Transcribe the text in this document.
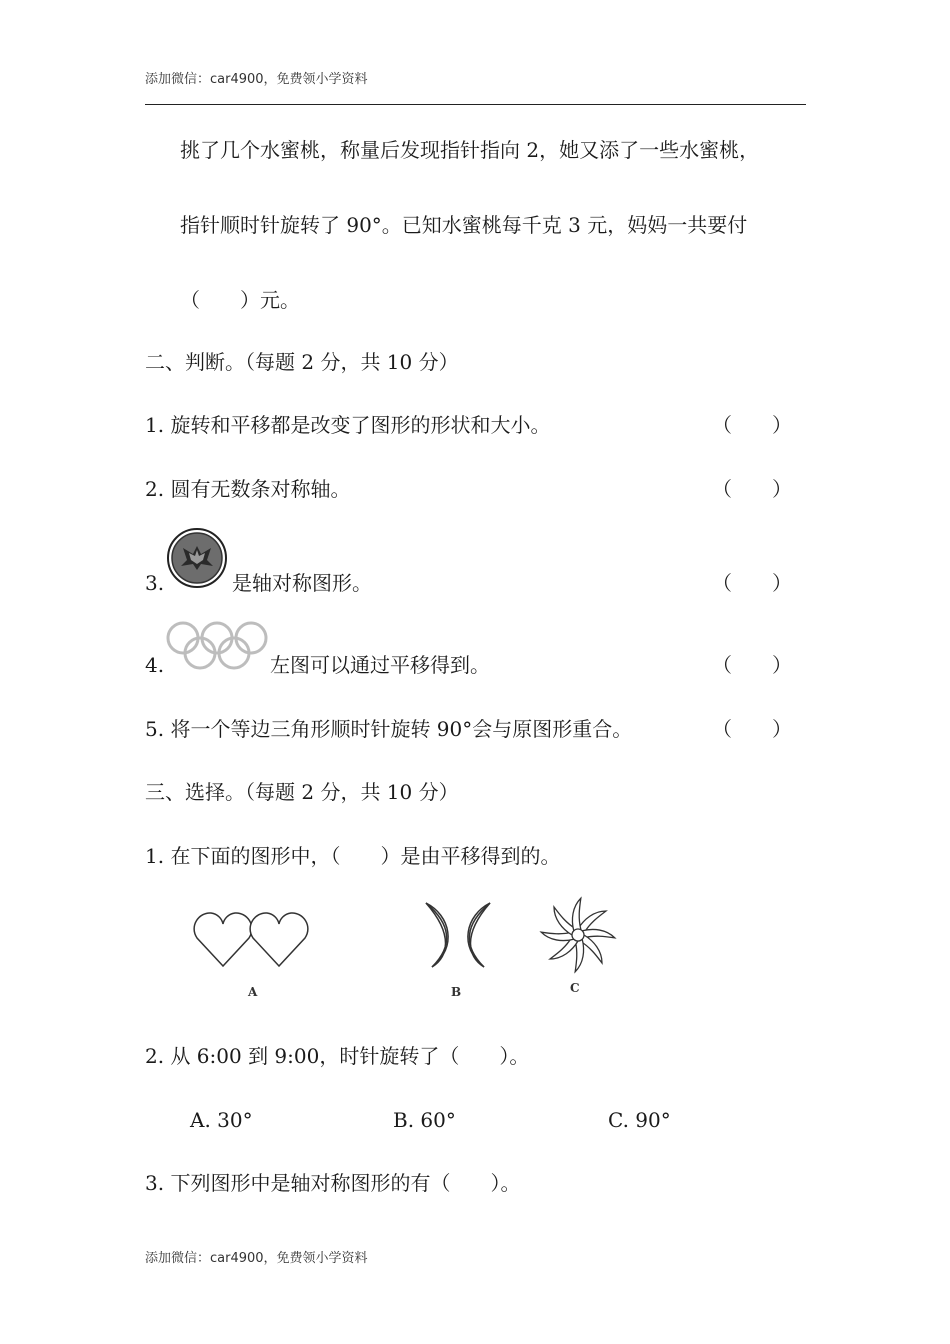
添加微信：car4900，免费领小学资料
挑了几个水蜜桃，称量后发现指针指向 2，她又添了一些水蜜桃，
指针顺时针旋转了 90°。已知水蜜桃每千克 3 元，妈妈一共要付
（　　）元。
二、判断。（每题 2 分，共 10 分）
1. 旋转和平移都是改变了图形的形状和大小。	（　　）
2. 圆有无数条对称轴。	（　　）
3.	是轴对称图形。	（　　）
4.	左图可以通过平移得到。	（　　）
5. 将一个等边三角形顺时针旋转 90°会与原图形重合。	（　　）
三、选择。（每题 2 分，共 10 分）
1. 在下面的图形中，（　　）是由平移得到的。
A	B	C
2. 从 6:00 到 9:00，时针旋转了（　　）。
A. 30°	B. 60°	C. 90°
3. 下列图形中是轴对称图形的有（　　）。
添加微信：car4900，免费领小学资料
